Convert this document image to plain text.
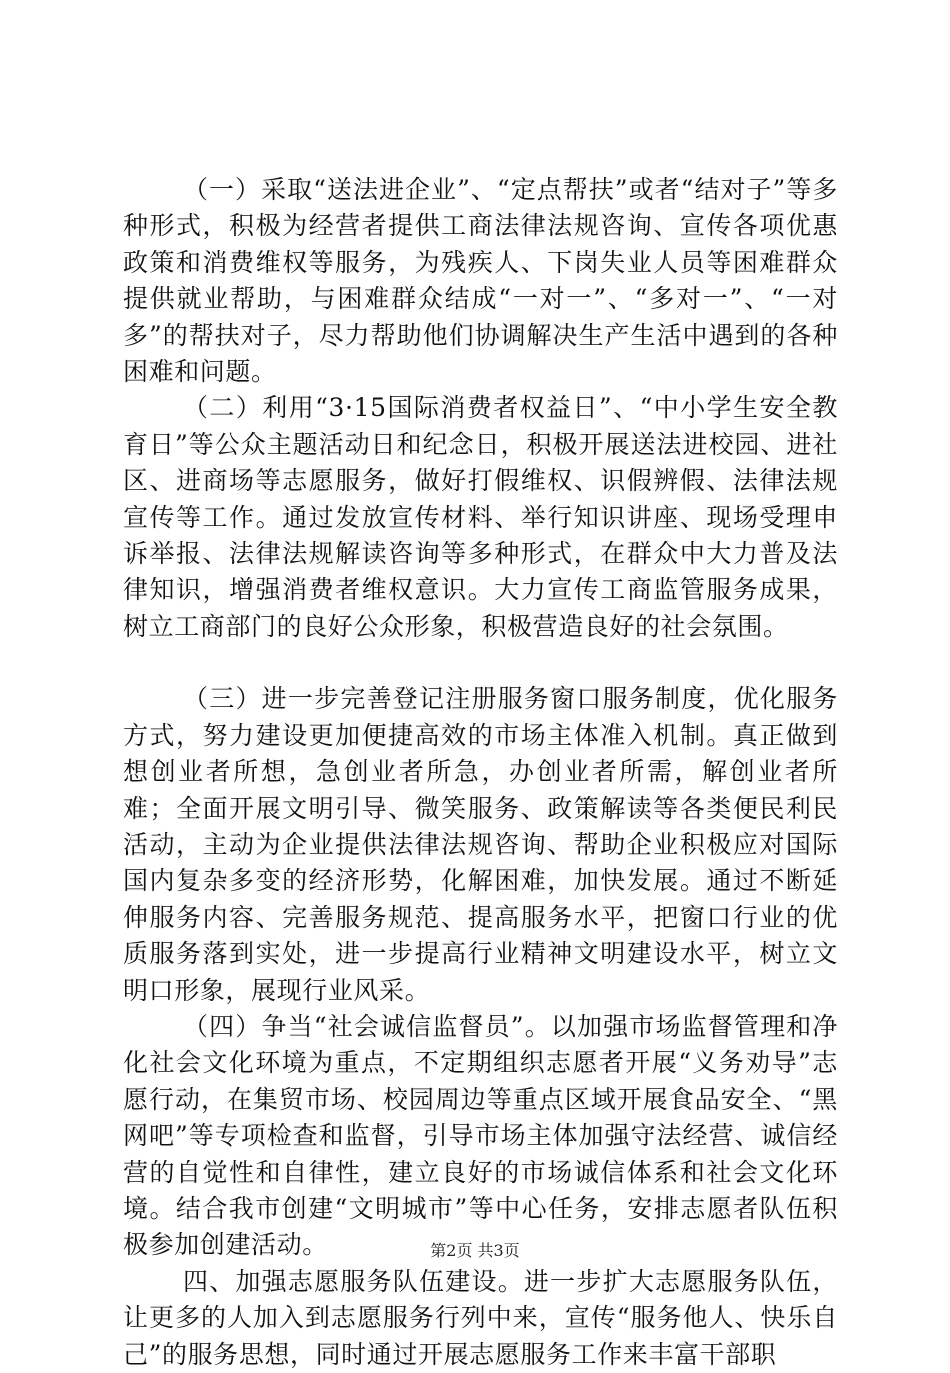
（一）采取“送法进企业”、“定点帮扶”或者“结对子”等多种形式，积极为经营者提供工商法律法规咨询、宣传各项优惠政策和消费维权等服务，为残疾人、下岗失业人员等困难群众提供就业帮助，与困难群众结成“一对一”、“多对一”、“一对多”的帮扶对子，尽力帮助他们协调解决生产生活中遇到的各种困难和问题。

（二）利用“3·15国际消费者权益日”、“中小学生安全教育日”等公众主题活动日和纪念日，积极开展送法进校园、进社区、进商场等志愿服务，做好打假维权、识假辨假、法律法规宣传等工作。通过发放宣传材料、举行知识讲座、现场受理申诉举报、法律法规解读咨询等多种形式，在群众中大力普及法律知识，增强消费者维权意识。大力宣传工商监管服务成果，树立工商部门的良好公众形象，积极营造良好的社会氛围。

（三）进一步完善登记注册服务窗口服务制度，优化服务方式，努力建设更加便捷高效的市场主体准入机制。真正做到想创业者所想，急创业者所急，办创业者所需，解创业者所难；全面开展文明引导、微笑服务、政策解读等各类便民利民活动，主动为企业提供法律法规咨询、帮助企业积极应对国际国内复杂多变的经济形势，化解困难，加快发展。通过不断延伸服务内容、完善服务规范、提高服务水平，把窗口行业的优质服务落到实处，进一步提高行业精神文明建设水平，树立文明口形象，展现行业风采。

（四）争当“社会诚信监督员”。以加强市场监督管理和净化社会文化环境为重点，不定期组织志愿者开展“义务劝导”志愿行动，在集贸市场、校园周边等重点区域开展食品安全、“黑网吧”等专项检查和监督，引导市场主体加强守法经营、诚信经营的自觉性和自律性，建立良好的市场诚信体系和社会文化环境。结合我市创建“文明城市”等中心任务，安排志愿者队伍积极参加创建活动。

四、加强志愿服务队伍建设。进一步扩大志愿服务队伍，让更多的人加入到志愿服务行列中来，宣传“服务他人、快乐自己”的服务思想，同时通过开展志愿服务工作来丰富干部职

第2页 共3页
